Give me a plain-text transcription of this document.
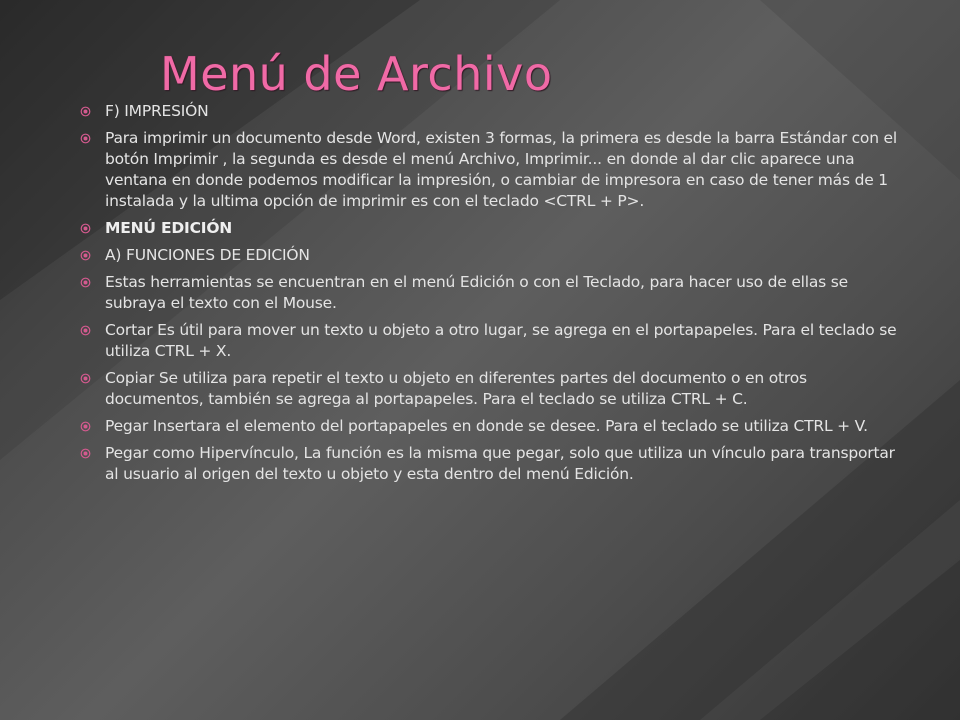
Menú de Archivo
F) IMPRESIÓN
Para imprimir un documento desde Word, existen 3 formas, la primera es desde la barra Estándar con el botón Imprimir , la segunda es desde el menú Archivo, Imprimir... en donde al dar clic aparece una ventana en donde podemos modificar la impresión, o cambiar de impresora en caso de tener más de 1 instalada y la ultima opción de imprimir es con el teclado <CTRL + P>.
MENÚ EDICIÓN
A) FUNCIONES DE EDICIÓN
Estas herramientas se encuentran en el menú Edición o con el Teclado, para hacer uso de ellas se subraya el texto con el Mouse.
Cortar Es útil para mover un texto u objeto a otro lugar, se agrega en el portapapeles. Para el teclado se utiliza CTRL + X.
Copiar Se utiliza para repetir el texto u objeto en diferentes partes del documento o en otros documentos, también se agrega al portapapeles. Para el teclado se utiliza CTRL + C.
Pegar Insertara el elemento del portapapeles en donde se desee. Para el teclado se utiliza CTRL + V.
Pegar como Hipervínculo, La función es la misma que pegar, solo que utiliza un vínculo para transportar al usuario al origen del texto u objeto y esta dentro del menú Edición.
